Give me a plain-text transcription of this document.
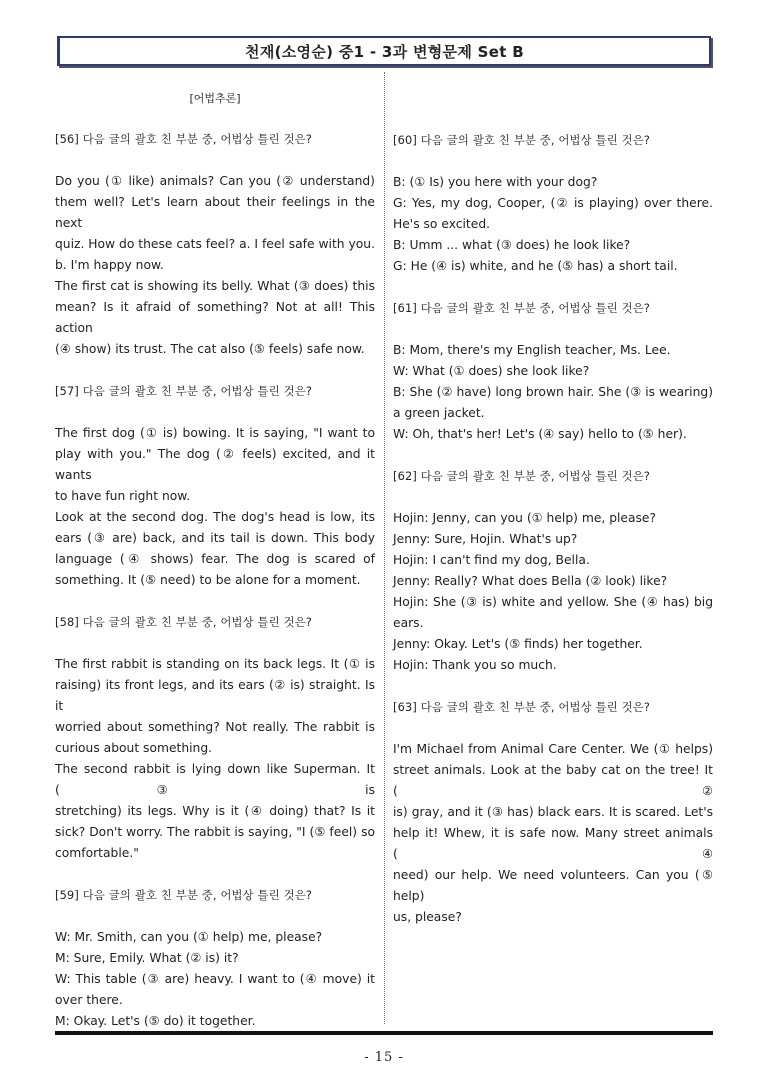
천재(소영순) 중1 - 3과 변형문제 Set B
[어법추론]
[56] 다음 글의 괄호 친 부분 중, 어법상 틀린 것은?
Do you (① like) animals? Can you (② understand)
them well? Let's learn about their feelings in the next
quiz. How do these cats feel? a. I feel safe with you.
b. I'm happy now.
The first cat is showing its belly. What (③ does) this
mean? Is it afraid of something? Not at all! This action
(④ show) its trust. The cat also (⑤ feels) safe now.
[57] 다음 글의 괄호 친 부분 중, 어법상 틀린 것은?
The first dog (① is) bowing. It is saying, "I want to
play with you." The dog (② feels) excited, and it wants
to have fun right now.
Look at the second dog. The dog's head is low, its
ears (③ are) back, and its tail is down. This body
language (④ shows) fear. The dog is scared of
something. It (⑤ need) to be alone for a moment.
[58] 다음 글의 괄호 친 부분 중, 어법상 틀린 것은?
The first rabbit is standing on its back legs. It (① is
raising) its front legs, and its ears (② is) straight. Is it
worried about something? Not really. The rabbit is
curious about something.
The second rabbit is lying down like Superman. It (③ is
stretching) its legs. Why is it (④ doing) that? Is it
sick? Don't worry. The rabbit is saying, "I (⑤ feel) so
comfortable."
[59] 다음 글의 괄호 친 부분 중, 어법상 틀린 것은?
W: Mr. Smith, can you (① help) me, please?
M: Sure, Emily. What (② is) it?
W: This table (③ are) heavy. I want to (④ move) it
over there.
M: Okay. Let's (⑤ do) it together.
[60] 다음 글의 괄호 친 부분 중, 어법상 틀린 것은?
B: (① Is) you here with your dog?
G: Yes, my dog, Cooper, (② is playing) over there.
He's so excited.
B: Umm ... what (③ does) he look like?
G: He (④ is) white, and he (⑤ has) a short tail.
[61] 다음 글의 괄호 친 부분 중, 어법상 틀린 것은?
B: Mom, there's my English teacher, Ms. Lee.
W: What (① does) she look like?
B: She (② have) long brown hair. She (③ is wearing)
a green jacket.
W: Oh, that's her! Let's (④ say) hello to (⑤ her).
[62] 다음 글의 괄호 친 부분 중, 어법상 틀린 것은?
Hojin: Jenny, can you (① help) me, please?
Jenny: Sure, Hojin. What's up?
Hojin: I can't find my dog, Bella.
Jenny: Really? What does Bella (② look) like?
Hojin: She (③ is) white and yellow. She (④ has) big
ears.
Jenny: Okay. Let's (⑤ finds) her together.
Hojin: Thank you so much.
[63] 다음 글의 괄호 친 부분 중, 어법상 틀린 것은?
I'm Michael from Animal Care Center. We (① helps)
street animals. Look at the baby cat on the tree! It (②
is) gray, and it (③ has) black ears. It is scared. Let's
help it! Whew, it is safe now. Many street animals (④
need) our help. We need volunteers. Can you (⑤ help)
us, please?
- 15 -
